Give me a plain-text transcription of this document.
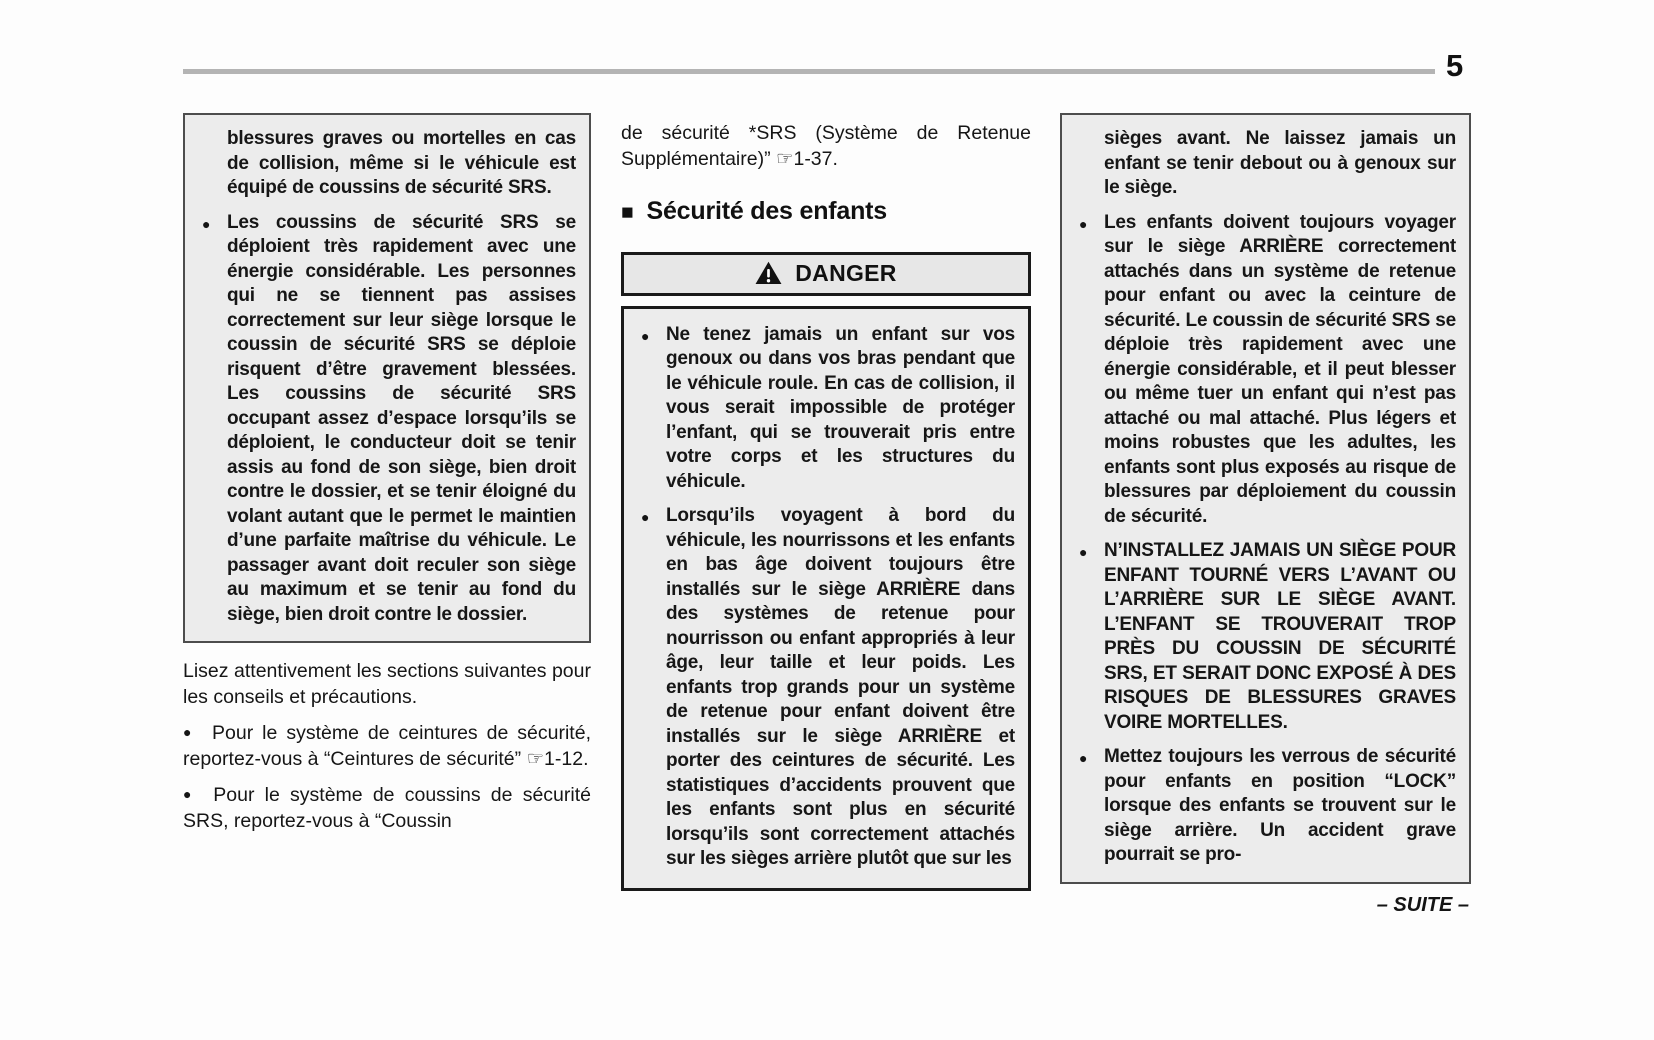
5

blessures graves ou mortelles en cas de collision, même si le véhicule est équipé de coussins de sécurité SRS.

● Les coussins de sécurité SRS se déploient très rapidement avec une énergie considérable. Les personnes qui ne se tiennent pas assises correctement sur leur siège lorsque le coussin de sécurité SRS se déploie risquent d’être gravement blessées. Les coussins de sécurité SRS occupant assez d’espace lorsqu’ils se déploient, le conducteur doit se tenir assis au fond de son siège, bien droit contre le dossier, et se tenir éloigné du volant autant que le permet le maintien d’une parfaite maîtrise du véhicule. Le passager avant doit reculer son siège au maximum et se tenir au fond du siège, bien droit contre le dossier.

Lisez attentivement les sections suivantes pour les conseils et précautions.

● Pour le système de ceintures de sécurité, reportez-vous à “Ceintures de sécurité” ☞1-12.

● Pour le système de coussins de sécurité SRS, reportez-vous à “Coussin

de sécurité *SRS (Système de Retenue Supplémentaire)” ☞1-37.

■ Sécurité des enfants
DANGER
● Ne tenez jamais un enfant sur vos genoux ou dans vos bras pendant que le véhicule roule. En cas de collision, il vous serait impossible de protéger l’enfant, qui se trouverait pris entre votre corps et les structures du véhicule.

● Lorsqu’ils voyagent à bord du véhicule, les nourrissons et les enfants en bas âge doivent toujours être installés sur le siège ARRIÈRE dans des systèmes de retenue pour nourrisson ou enfant appropriés à leur âge, leur taille et leur poids. Les enfants trop grands pour un système de retenue pour enfant doivent être installés sur le siège ARRIÈRE et porter des ceintures de sécurité. Les statistiques d’accidents prouvent que les enfants sont plus en sécurité lorsqu’ils sont correctement attachés sur les sièges arrière plutôt que sur les

sièges avant. Ne laissez jamais un enfant se tenir debout ou à genoux sur le siège.

● Les enfants doivent toujours voyager sur le siège ARRIÈRE correctement attachés dans un système de retenue pour enfant ou avec la ceinture de sécurité. Le coussin de sécurité SRS se déploie très rapidement avec une énergie considérable, et il peut blesser ou même tuer un enfant qui n’est pas attaché ou mal attaché. Plus légers et moins robustes que les adultes, les enfants sont plus exposés au risque de blessures par déploiement du coussin de sécurité.

● N’INSTALLEZ JAMAIS UN SIÈGE POUR ENFANT TOURNÉ VERS L’AVANT OU L’ARRIÈRE SUR LE SIÈGE AVANT. L’ENFANT SE TROUVERAIT TROP PRÈS DU COUSSIN DE SÉCURITÉ SRS, ET SERAIT DONC EXPOSÉ À DES RISQUES DE BLESSURES GRAVES VOIRE MORTELLES.

● Mettez toujours les verrous de sécurité pour enfants en position “LOCK” lorsque des enfants se trouvent sur le siège arrière. Un accident grave pourrait se pro-

– SUITE –
